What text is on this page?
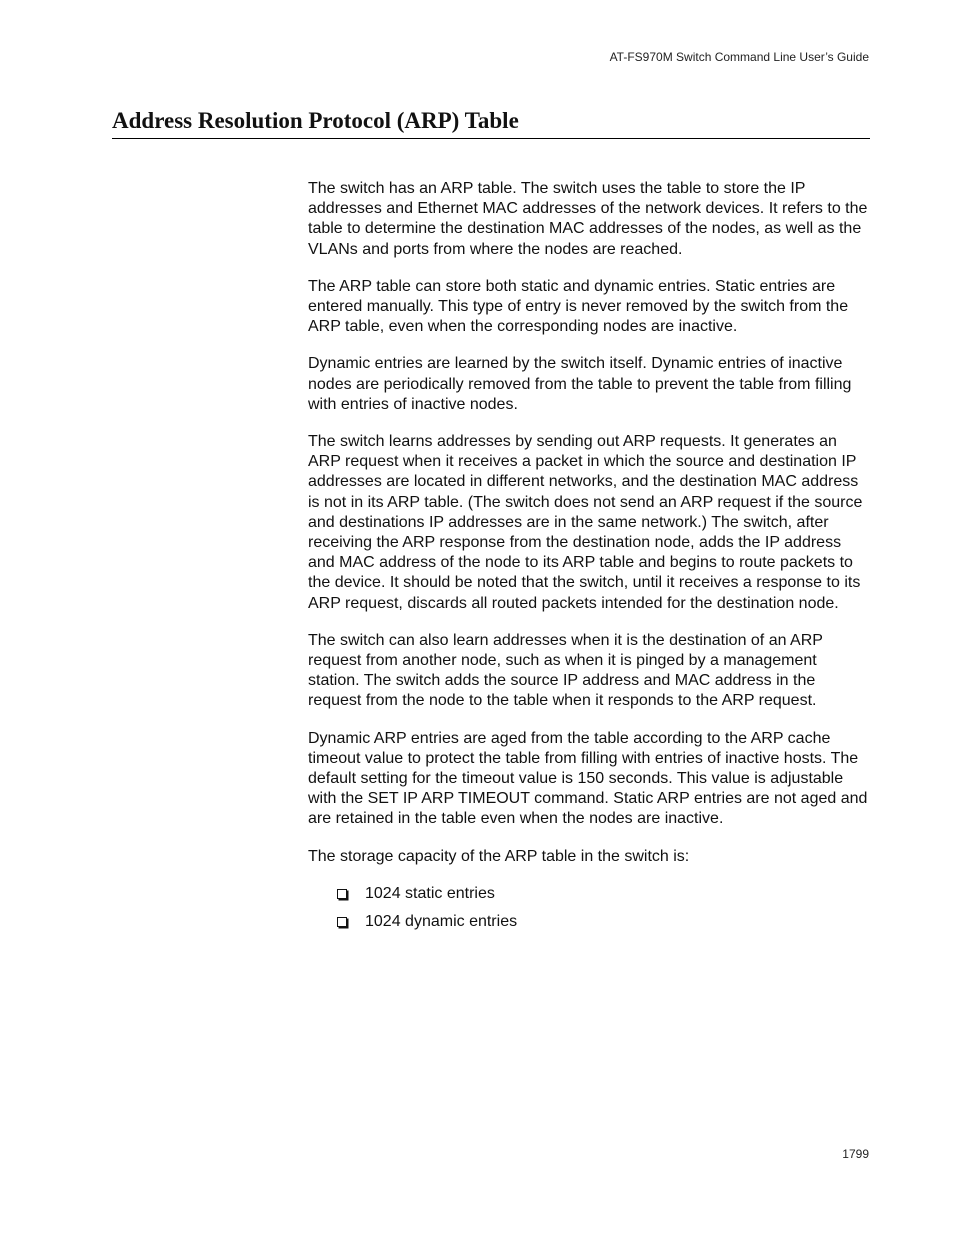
AT-FS970M Switch Command Line User’s Guide
Address Resolution Protocol (ARP) Table

The switch has an ARP table. The switch uses the table to store the IP addresses and Ethernet MAC addresses of the network devices. It refers to the table to determine the destination MAC addresses of the nodes, as well as the VLANs and ports from where the nodes are reached.

The ARP table can store both static and dynamic entries. Static entries are entered manually. This type of entry is never removed by the switch from the ARP table, even when the corresponding nodes are inactive.

Dynamic entries are learned by the switch itself. Dynamic entries of inactive nodes are periodically removed from the table to prevent the table from filling with entries of inactive nodes.

The switch learns addresses by sending out ARP requests. It generates an ARP request when it receives a packet in which the source and destination IP addresses are located in different networks, and the destination MAC address is not in its ARP table. (The switch does not send an ARP request if the source and destinations IP addresses are in the same network.) The switch, after receiving the ARP response from the destination node, adds the IP address and MAC address of the node to its ARP table and begins to route packets to the device. It should be noted that the switch, until it receives a response to its ARP request, discards all routed packets intended for the destination node.

The switch can also learn addresses when it is the destination of an ARP request from another node, such as when it is pinged by a management station. The switch adds the source IP address and MAC address in the request from the node to the table when it responds to the ARP request.

Dynamic ARP entries are aged from the table according to the ARP cache timeout value to protect the table from filling with entries of inactive hosts. The default setting for the timeout value is 150 seconds. This value is adjustable with the SET IP ARP TIMEOUT command. Static ARP entries are not aged and are retained in the table even when the nodes are inactive.

The storage capacity of the ARP table in the switch is:

1024 static entries
1024 dynamic entries
1799
